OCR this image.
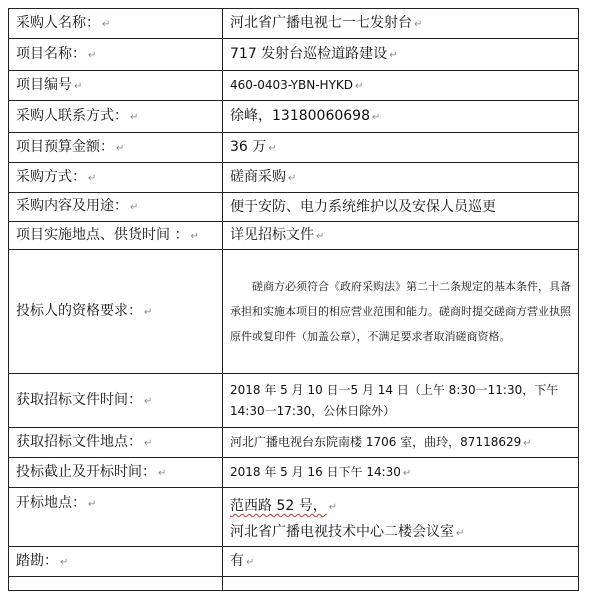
采购人名称： ↵	河北省广播电视七一七发射台 ↵
项目名称： ↵	717 发射台巡检道路建设 ↵
项目编号 ↵	460-0403-YBN-HYKD ↵
采购人联系方式： ↵	徐峰，13180060698 ↵
项目预算金额： ↵	36 万 ↵
采购方式： ↵	磋商采购 ↵
采购内容及用途： ↵	便于安防、电力系统维护以及安保人员巡更
项目实施地点、供货时间 ： ↵	详见招标文件 ↵
投标人的资格要求： ↵	磋商方必须符合《政府采购法》第二十二条规定的基本条件，具备承担和实施本项目的相应营业范围和能力。磋商时提交磋商方营业执照原件或复印件（加盖公章），不满足要求者取消磋商资格。

获取招标文件时间： ↵	2018 年 5 月 10 日一5 月 14 日（上午 8:30一11:30，下午 14:30一17:30，公休日除外）
获取招标文件地点： ↵	河北广播电视台东院南楼 1706 室，曲玲，87118629 ↵
投标截止及开标时间： ↵	2018 年 5 月 16 日下午 14:30 ↵
开标地点： ↵	范西路 52 号， ↵
河北省广播电视技术中心二楼会议室 ↵

踏勘： ↵	有 ↵
